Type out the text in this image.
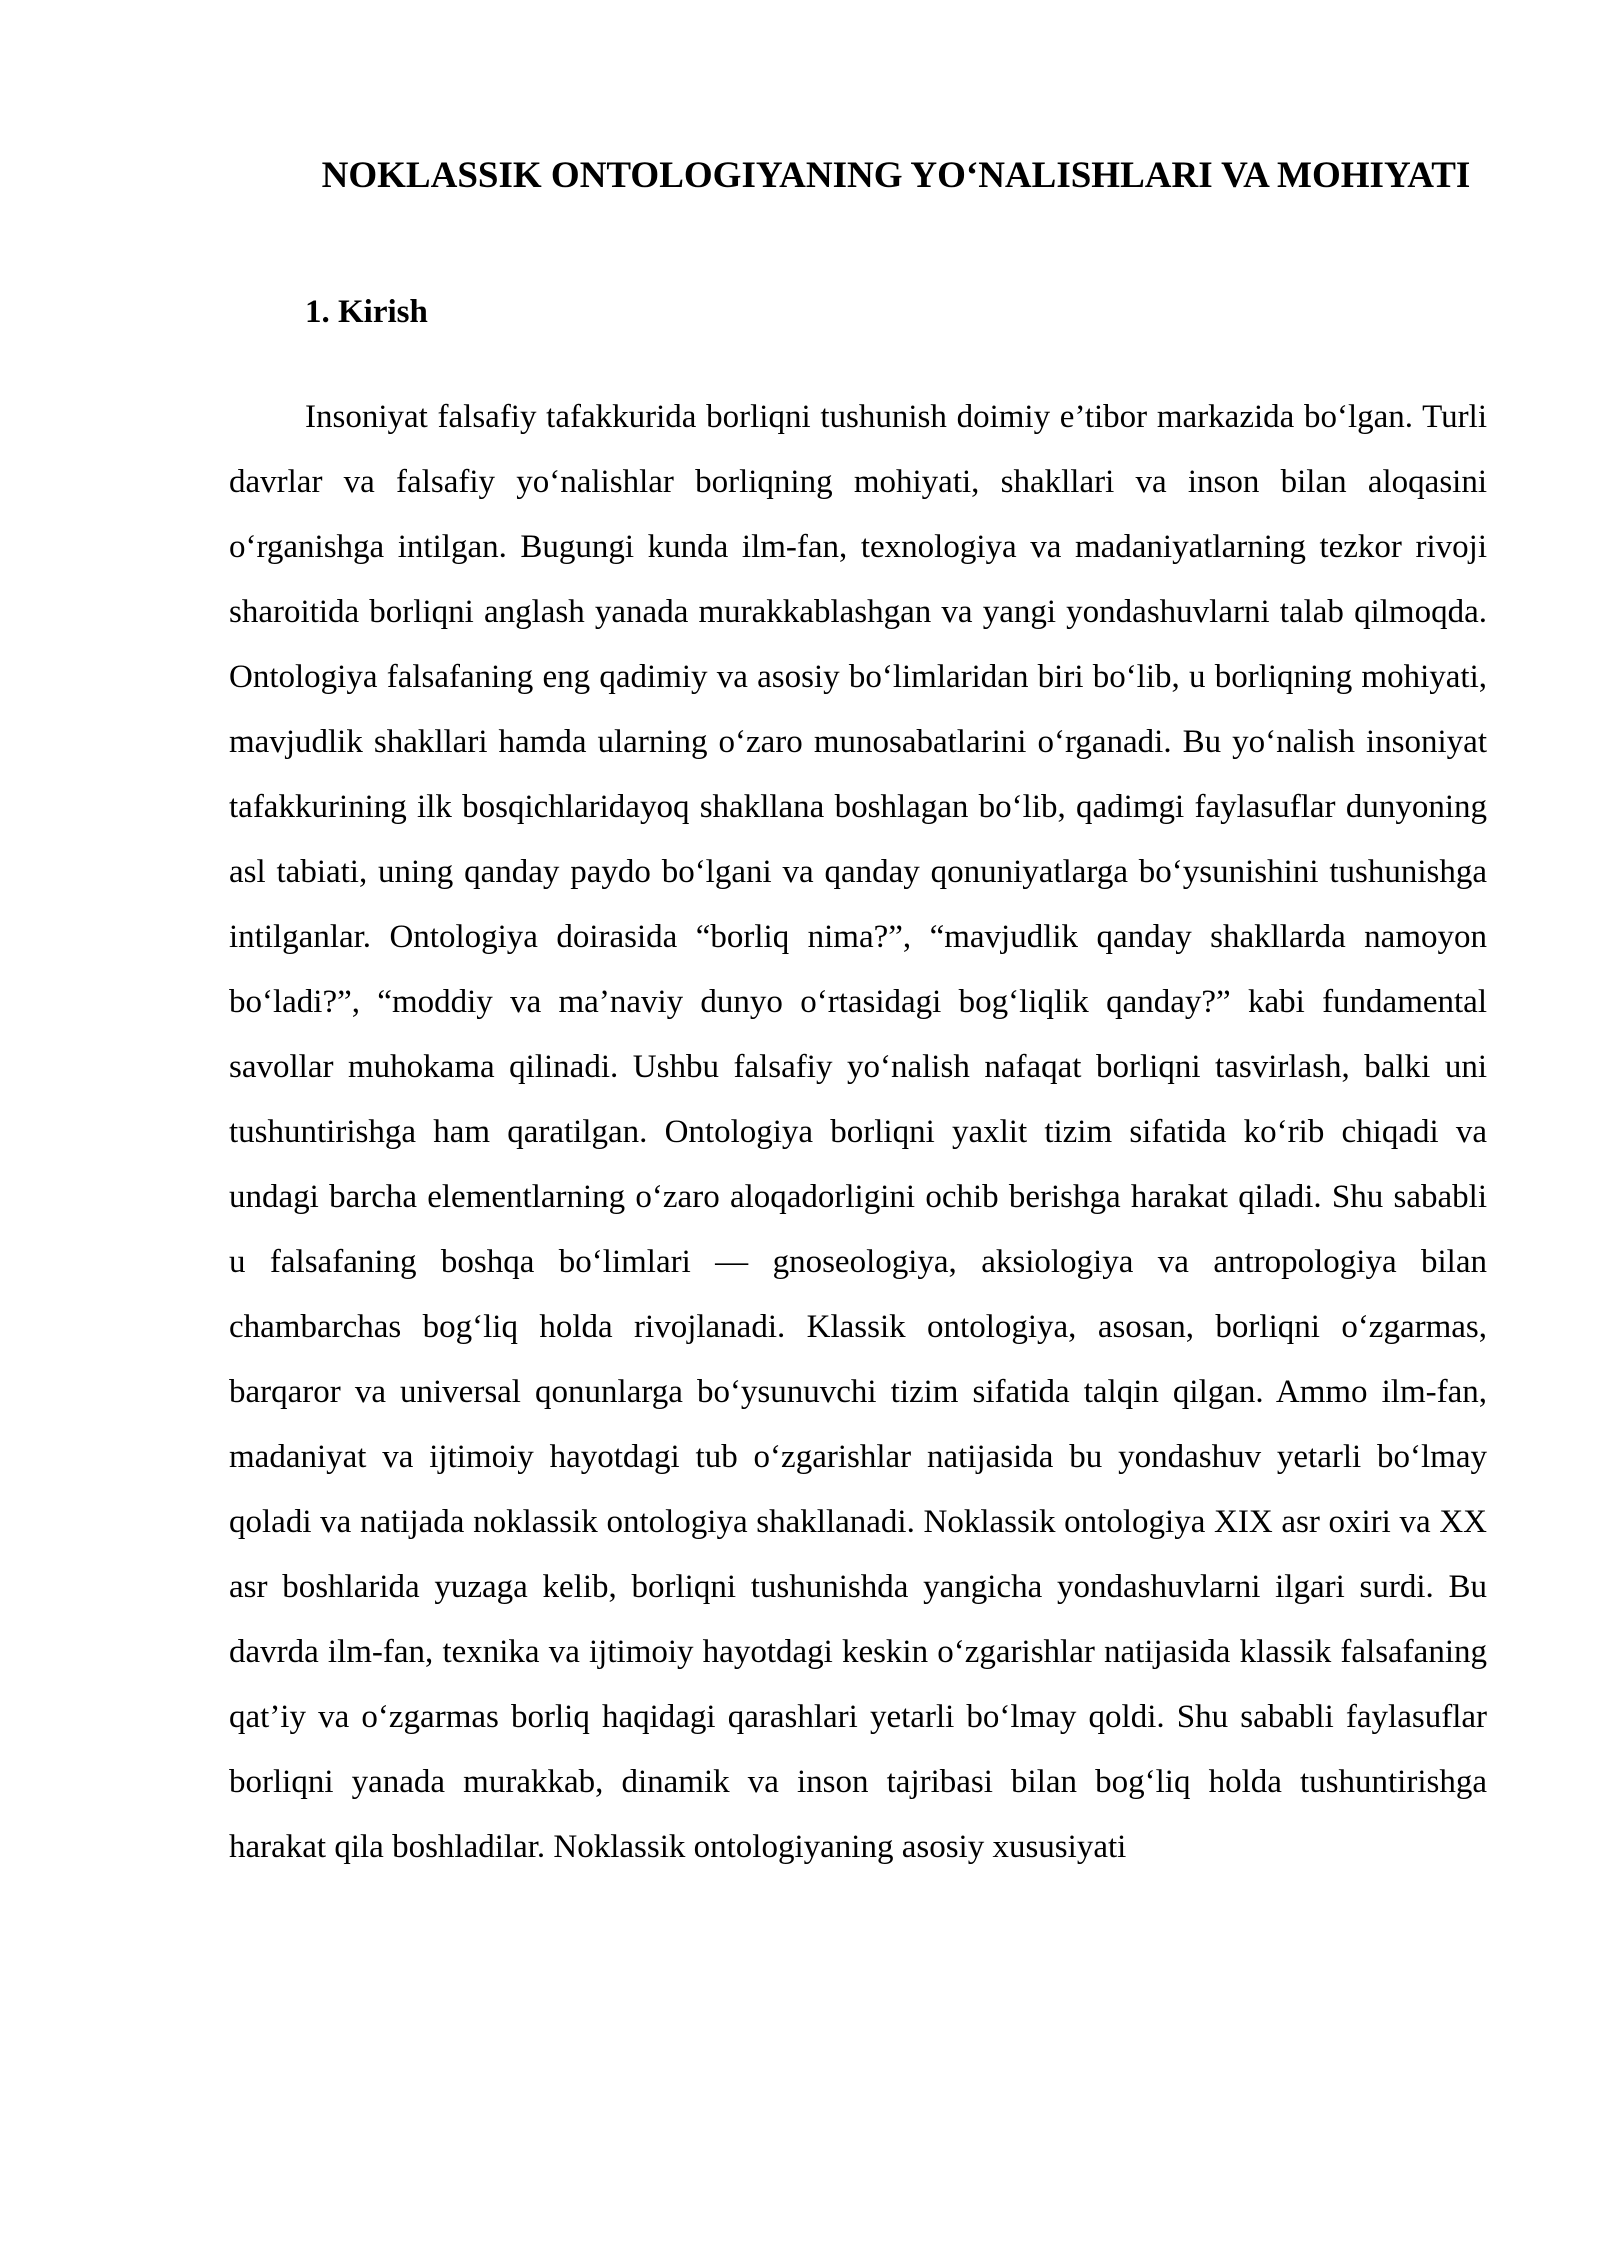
NOKLASSIK ONTOLOGIYANING YO‘NALISHLARI VA MOHIYATI
1. Kirish

Insoniyat falsafiy tafakkurida borliqni tushunish doimiy e’tibor markazida bo‘lgan. Turli davrlar va falsafiy yo‘nalishlar borliqning mohiyati, shakllari va inson bilan aloqasini o‘rganishga intilgan. Bugungi kunda ilm-fan, texnologiya va madaniyatlarning tezkor rivoji sharoitida borliqni anglash yanada murakkablashgan va yangi yondashuvlarni talab qilmoqda. Ontologiya falsafaning eng qadimiy va asosiy bo‘limlaridan biri bo‘lib, u borliqning mohiyati, mavjudlik shakllari hamda ularning o‘zaro munosabatlarini o‘rganadi. Bu yo‘nalish insoniyat tafakkurining ilk bosqichlaridayoq shakllana boshlagan bo‘lib, qadimgi faylasuflar dunyoning asl tabiati, uning qanday paydo bo‘lgani va qanday qonuniyatlarga bo‘ysunishini tushunishga intilganlar. Ontologiya doirasida “borliq nima?”, “mavjudlik qanday shakllarda namoyon bo‘ladi?”, “moddiy va ma’naviy dunyo o‘rtasidagi bog‘liqlik qanday?” kabi fundamental savollar muhokama qilinadi. Ushbu falsafiy yo‘nalish nafaqat borliqni tasvirlash, balki uni tushuntirishga ham qaratilgan. Ontologiya borliqni yaxlit tizim sifatida ko‘rib chiqadi va undagi barcha elementlarning o‘zaro aloqadorligini ochib berishga harakat qiladi. Shu sababli u falsafaning boshqa bo‘limlari — gnoseologiya, aksiologiya va antropologiya bilan chambarchas bog‘liq holda rivojlanadi. Klassik ontologiya, asosan, borliqni o‘zgarmas, barqaror va universal qonunlarga bo‘ysunuvchi tizim sifatida talqin qilgan. Ammo ilm-fan, madaniyat va ijtimoiy hayotdagi tub o‘zgarishlar natijasida bu yondashuv yetarli bo‘lmay qoladi va natijada noklassik ontologiya shakllanadi. Noklassik ontologiya XIX asr oxiri va XX asr boshlarida yuzaga kelib, borliqni tushunishda yangicha yondashuvlarni ilgari surdi. Bu davrda ilm-fan, texnika va ijtimoiy hayotdagi keskin o‘zgarishlar natijasida klassik falsafaning qat’iy va o‘zgarmas borliq haqidagi qarashlari yetarli bo‘lmay qoldi. Shu sababli faylasuflar borliqni yanada murakkab, dinamik va inson tajribasi bilan bog‘liq holda tushuntirishga harakat qila boshladilar. Noklassik ontologiyaning asosiy xususiyati
